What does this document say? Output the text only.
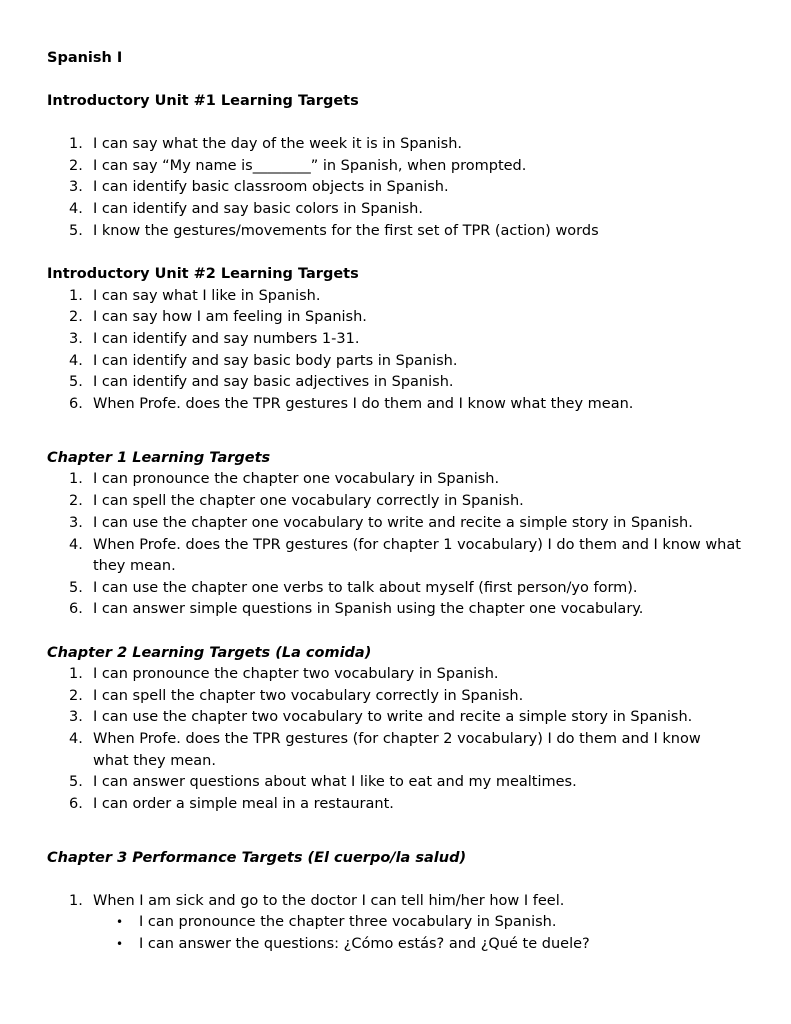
Spanish I
Introductory Unit #1 Learning Targets
1. I can say what the day of the week it is in Spanish.
2. I can say “My name is________” in Spanish, when prompted.
3. I can identify basic classroom objects in Spanish.
4. I can identify and say basic colors in Spanish.
5. I know the gestures/movements for the first set of TPR (action) words
Introductory Unit #2 Learning Targets
1. I can say what I like in Spanish.
2. I can say how I am feeling in Spanish.
3. I can identify and say numbers 1-31.
4. I can identify and say basic body parts in Spanish.
5. I can identify and say basic adjectives in Spanish.
6. When Profe. does the TPR gestures I do them and I know what they mean.
Chapter 1 Learning Targets
1. I can pronounce the chapter one vocabulary in Spanish.
2. I can spell the chapter one vocabulary correctly in Spanish.
3. I can use the chapter one vocabulary to write and recite a simple story in Spanish.
4. When Profe. does the TPR gestures (for chapter 1 vocabulary) I do them and I know what
they mean.
5. I can use the chapter one verbs to talk about myself (first person/yo form).
6. I can answer simple questions in Spanish using the chapter one vocabulary.
Chapter 2 Learning Targets (La comida)
1. I can pronounce the chapter two vocabulary in Spanish.
2. I can spell the chapter two vocabulary correctly in Spanish.
3. I can use the chapter two vocabulary to write and recite a simple story in Spanish.
4. When Profe. does the TPR gestures (for chapter 2 vocabulary) I do them and I know
what they mean.
5. I can answer questions about what I like to eat and my mealtimes.
6. I can order a simple meal in a restaurant.
Chapter 3 Performance Targets (El cuerpo/la salud)
1. When I am sick and go to the doctor I can tell him/her how I feel.
• I can pronounce the chapter three vocabulary in Spanish.
• I can answer the questions: ¿Cómo estás? and ¿Qué te duele?
